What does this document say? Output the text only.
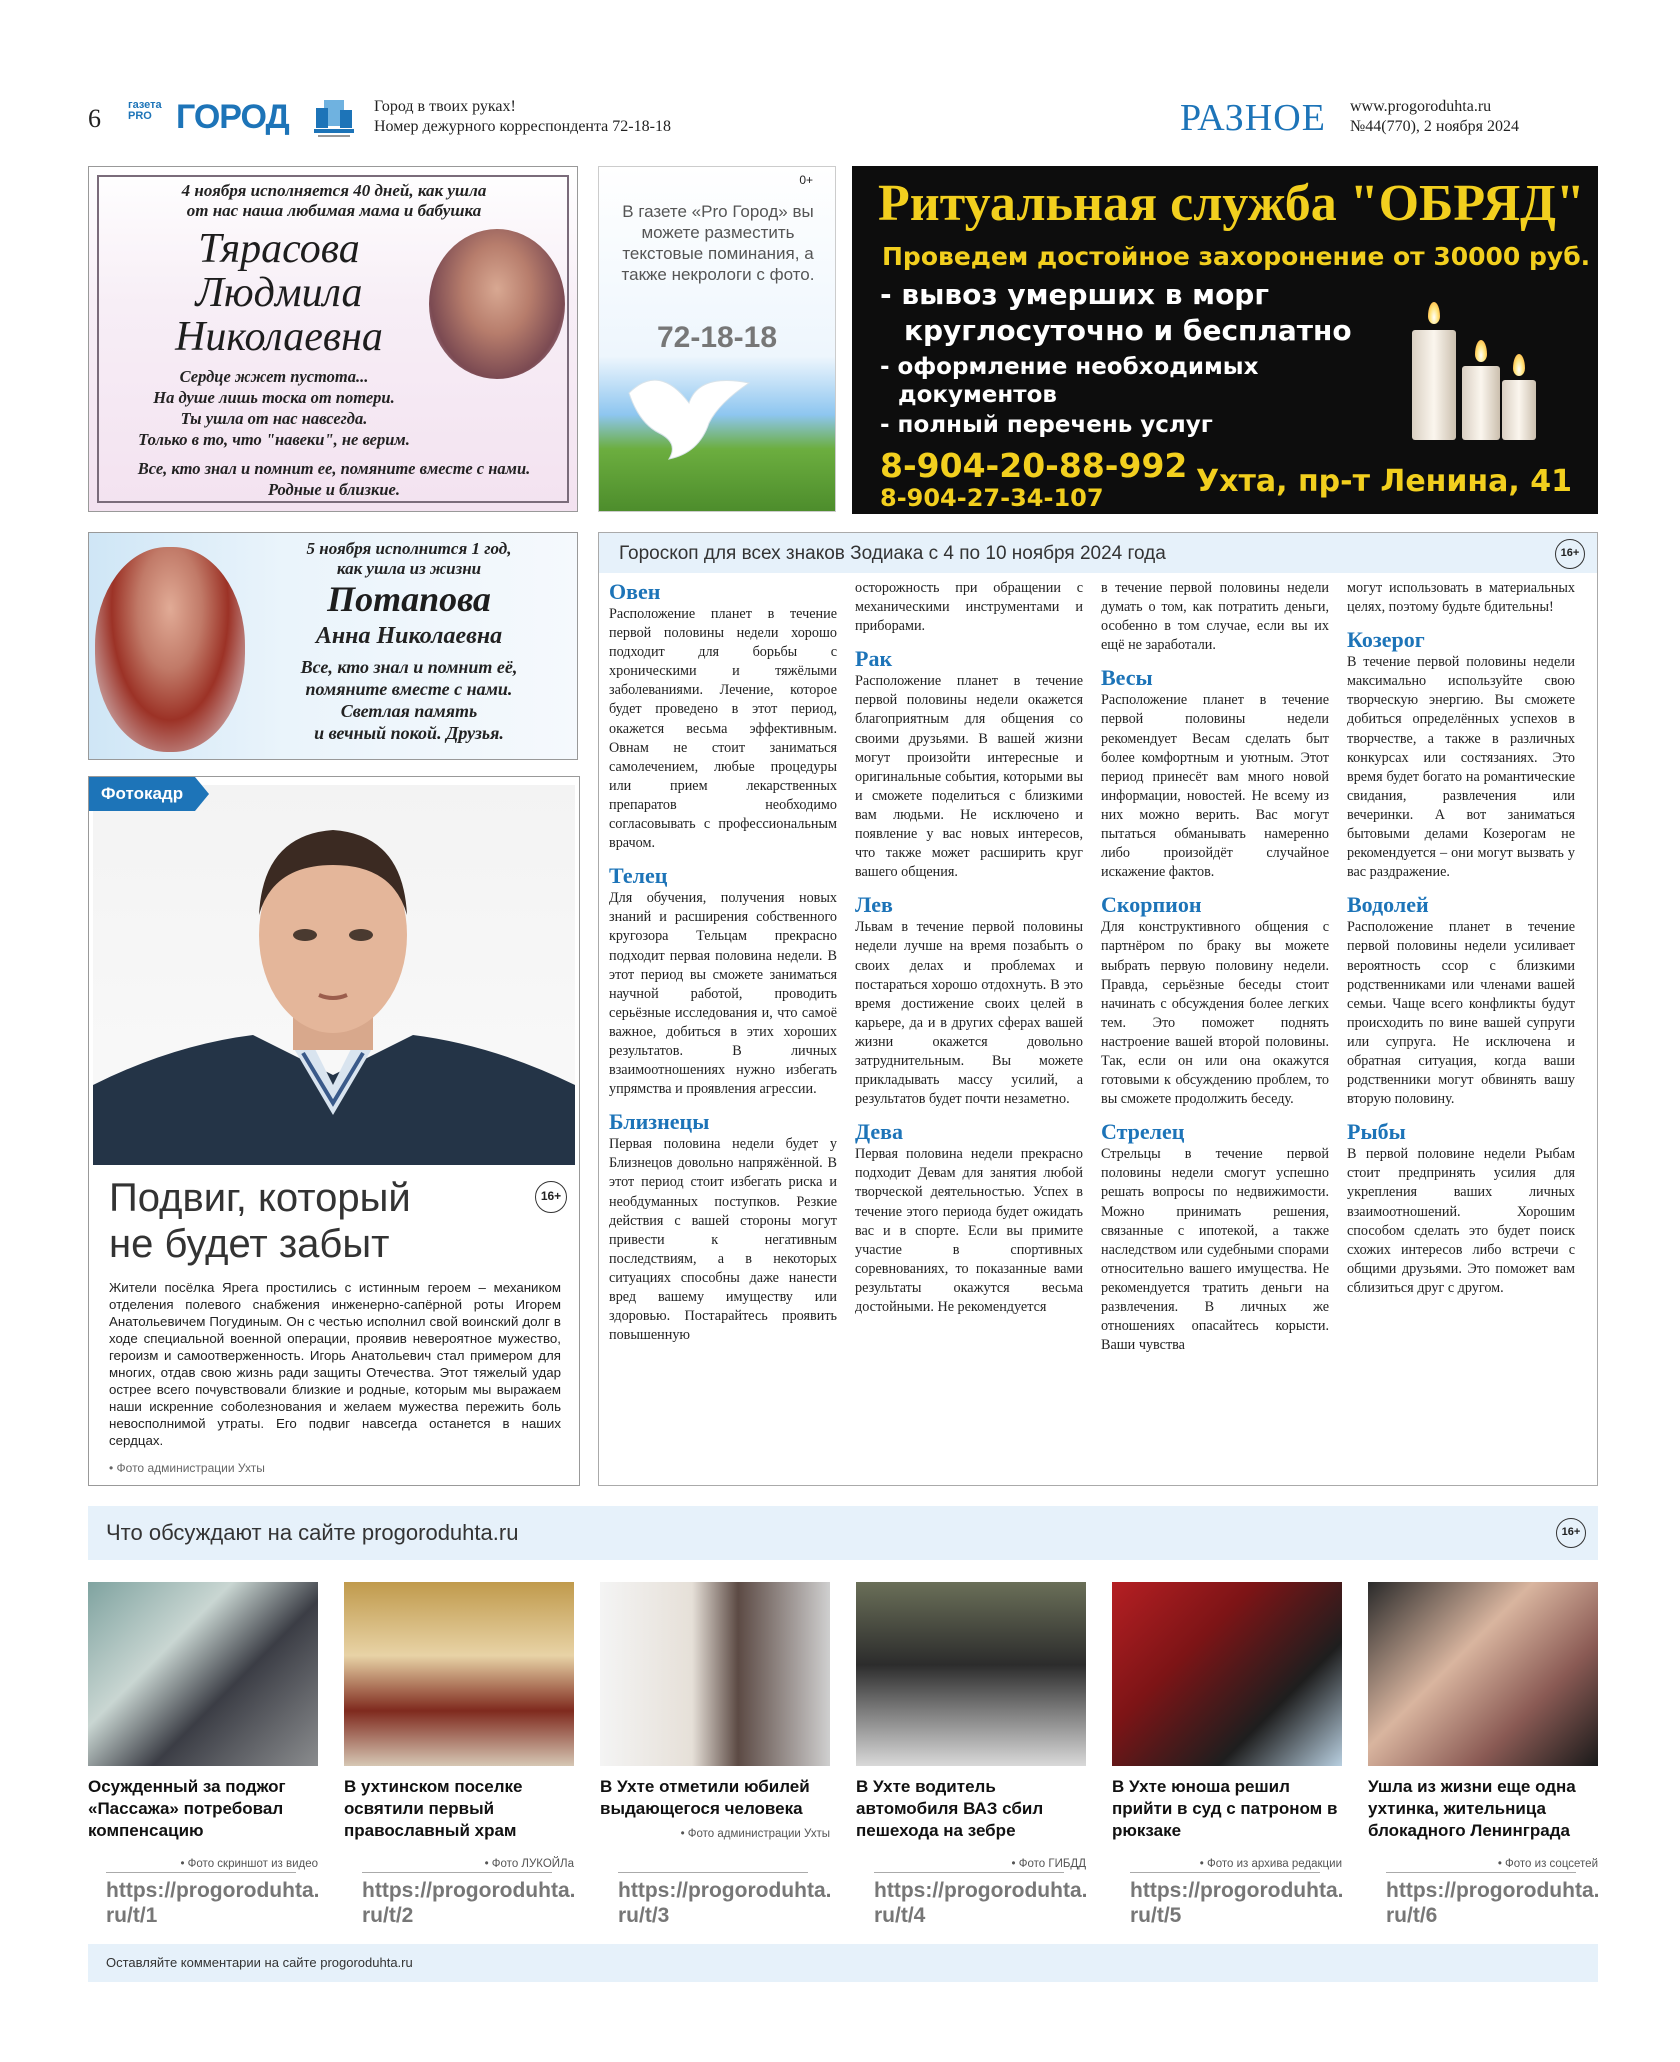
6 газета PRO ГОРОД	Город в твоих руках!
Номер дежурного корреспондента 72-18-18	РАЗНОЕ www.progoroduhta.ru
№44(770), 2 ноября 2024
4 ноября исполняется 40 дней, как ушла
от нас наша любимая мама и бабушка
Тярасова
Людмила
Николаевна
Сердце жжет пустота...
На душе лишь тоска от потери.
Ты ушла от нас навсегда.
Только в то, что "навеки", не верим.
Все, кто знал и помнит ее, помяните вместе с нами.
Родные и близкие.
0+
В газете «Pro Город» вы можете разместить текстовые поминания, а также некрологи с фото.
72-18-18
Ритуальная служба "ОБРЯД"
Проведем достойное захоронение от 30000 руб.
- вывоз умерших в морг
круглосуточно и бесплатно
- оформление необходимых
документов
- полный перечень услуг
8-904-20-88-992
8-904-27-34-107	Ухта, пр-т Ленина, 41
5 ноября исполнится 1 год,
как ушла из жизни
Потапова
Анна Николаевна
Все, кто знал и помнит её,
помяните вместе с нами.
Светлая память
и вечный покой. Друзья.
Фотокадр
Подвиг, который
не будет забыт
16+
Жители посёлка Ярега простились с истинным героем – механиком отделения полевого снабжения инженерно-сапёрной роты Игорем Анатольевичем Погудиным. Он с честью исполнил свой воинский долг в ходе специальной военной операции, проявив невероятное мужество, героизм и самоотверженность. Игорь Анатольевич стал примером для многих, отдав свою жизнь ради защиты Отечества. Этот тяжелый удар острее всего почувствовали близкие и родные, которым мы выражаем наши искренние соболезнования и желаем мужества пережить боль невосполнимой утраты. Его подвиг навсегда останется в наших сердцах.
• Фото администрации Ухты
Гороскоп для всех знаков Зодиака с 4 по 10 ноября 2024 года	16+
Овен

Расположение планет в течение первой половины недели хорошо подходит для борьбы с хроническими и тяжёлыми заболеваниями. Лечение, которое будет проведено в этот период, окажется весьма эффективным. Овнам не стоит заниматься самолечением, любые процедуры или прием лекарственных препаратов необходимо согласовывать с профессиональным врачом.

Телец

Для обучения, получения новых знаний и расширения собственного кругозора Тельцам прекрасно подходит первая половина недели. В этот период вы сможете заниматься научной работой, проводить серьёзные исследования и, что самоё важное, добиться в этих хороших результатов. В личных взаимоотношениях нужно избегать упрямства и проявления агрессии.

Близнецы

Первая половина недели будет у Близнецов довольно напряжённой. В этот период стоит избегать риска и необдуманных поступков. Резкие действия с вашей стороны могут привести к негативным последствиям, а в некоторых ситуациях способны даже нанести вред вашему имуществу или здоровью. Постарайтесь проявить повышенную

осторожность при обращении с механическими инструментами и приборами.

Рак

Расположение планет в течение первой половины недели окажется благоприятным для общения со своими друзьями. В вашей жизни могут произойти интересные и оригинальные события, которыми вы и сможете поделиться с близкими вам людьми. Не исключено и появление у вас новых интересов, что также может расширить круг вашего общения.

Лев

Львам в течение первой половины недели лучше на время позабыть о своих делах и проблемах и постараться хорошо отдохнуть. В это время достижение своих целей в карьере, да и в других сферах вашей жизни окажется довольно затруднительным. Вы можете прикладывать массу усилий, а результатов будет почти незаметно.

Дева

Первая половина недели прекрасно подходит Девам для занятия любой творческой деятельностью. Успех в течение этого периода будет ожидать вас и в спорте. Если вы примите участие в спортивных соревнованиях, то показанные вами результаты окажутся весьма достойными. Не рекомендуется

в течение первой половины недели думать о том, как потратить деньги, особенно в том случае, если вы их ещё не заработали.

Весы

Расположение планет в течение первой половины недели рекомендует Весам сделать быт более комфортным и уютным. Этот период принесёт вам много новой информации, новостей. Не всему из них можно верить. Вас могут пытаться обманывать намеренно либо произойдёт случайное искажение фактов.

Скорпион

Для конструктивного общения с партнёром по браку вы можете выбрать первую половину недели. Правда, серьёзные беседы стоит начинать с обсуждения более легких тем. Это поможет поднять настроение вашей второй половины. Так, если он или она окажутся готовыми к обсуждению проблем, то вы сможете продолжить беседу.

Стрелец

Стрельцы в течение первой половины недели смогут успешно решать вопросы по недвижимости. Можно принимать решения, связанные с ипотекой, а также наследством или судебными спорами относительно вашего имущества. Не рекомендуется тратить деньги на развлечения. В личных же отношениях опасайтесь корысти. Ваши чувства

могут использовать в материальных целях, поэтому будьте бдительны!

Козерог

В течение первой половины недели максимально используйте свою творческую энергию. Вы сможете добиться определённых успехов в творчестве, а также в различных конкурсах или состязаниях. Это время будет богато на романтические свидания, развлечения или вечеринки. А вот заниматься бытовыми делами Козерогам не рекомендуется – они могут вызвать у вас раздражение.

Водолей

Расположение планет в течение первой половины недели усиливает вероятность ссор с близкими родственниками или членами вашей семьи. Чаще всего конфликты будут происходить по вине вашей супруги или супруга. Не исключена и обратная ситуация, когда ваши родственники могут обвинять вашу вторую половину.

Рыбы

В первой половине недели Рыбам стоит предпринять усилия для укрепления ваших личных взаимоотношений. Хорошим способом сделать это будет поиск схожих интересов либо встречи с общими друзьями. Это поможет вам сблизиться друг с другом.

Что обсуждают на сайте progoroduhta.ru	16+
Осужденный за поджог «Пассажа» потребовал компенсацию
• Фото скриншот из видео
https://progoroduhta.
ru/t/1
В ухтинском поселке освятили первый православный храм
• Фото ЛУКОЙЛа
https://progoroduhta.
ru/t/2
В Ухте отметили юбилей выдающегося человека
• Фото администрации Ухты
https://progoroduhta.
ru/t/3
В Ухте водитель автомобиля ВАЗ сбил пешехода на зебре
• Фото ГИБДД
https://progoroduhta.
ru/t/4
В Ухте юноша решил прийти в суд с патроном в рюкзаке
• Фото из архива редакции
https://progoroduhta.
ru/t/5
Ушла из жизни еще одна ухтинка, жительница блокадного Ленинграда
• Фото из соцсетей
https://progoroduhta.
ru/t/6
Оставляйте комментарии на сайте progoroduhta.ru
